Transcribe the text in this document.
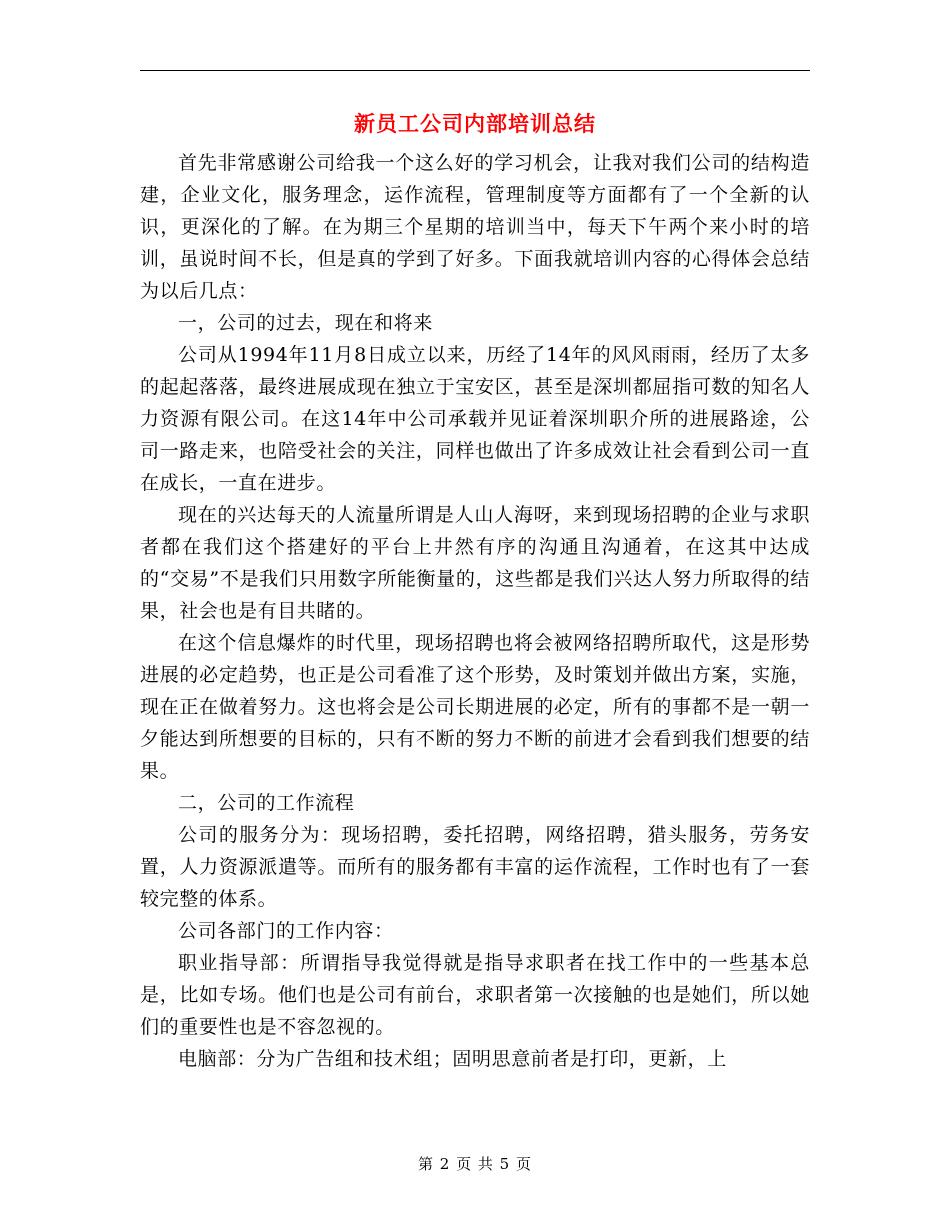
新员工公司内部培训总结

首先非常感谢公司给我一个这么好的学习机会，让我对我们公司的结构造建，企业文化，服务理念，运作流程，管理制度等方面都有了一个全新的认识，更深化的了解。在为期三个星期的培训当中，每天下午两个来小时的培训，虽说时间不长，但是真的学到了好多。下面我就培训内容的心得体会总结为以后几点：

一，公司的过去，现在和将来

公司从1994年11月8日成立以来，历经了14年的风风雨雨，经历了太多的起起落落，最终进展成现在独立于宝安区，甚至是深圳都屈指可数的知名人力资源有限公司。在这14年中公司承载并见证着深圳职介所的进展路途，公司一路走来，也陪受社会的关注，同样也做出了许多成效让社会看到公司一直在成长，一直在进步。

现在的兴达每天的人流量所谓是人山人海呀，来到现场招聘的企业与求职者都在我们这个搭建好的平台上井然有序的沟通且沟通着，在这其中达成的“交易”不是我们只用数字所能衡量的，这些都是我们兴达人努力所取得的结果，社会也是有目共睹的。

在这个信息爆炸的时代里，现场招聘也将会被网络招聘所取代，这是形势进展的必定趋势，也正是公司看准了这个形势，及时策划并做出方案，实施，现在正在做着努力。这也将会是公司长期进展的必定，所有的事都不是一朝一夕能达到所想要的目标的，只有不断的努力不断的前进才会看到我们想要的结果。

二，公司的工作流程

公司的服务分为：现场招聘，委托招聘，网络招聘，猎头服务，劳务安置，人力资源派遣等。而所有的服务都有丰富的运作流程，工作时也有了一套较完整的体系。

公司各部门的工作内容：

职业指导部：所谓指导我觉得就是指导求职者在找工作中的一些基本总是，比如专场。他们也是公司有前台，求职者第一次接触的也是她们，所以她们的重要性也是不容忽视的。

电脑部：分为广告组和技术组；固明思意前者是打印，更新，上

第 2 页 共 5 页
